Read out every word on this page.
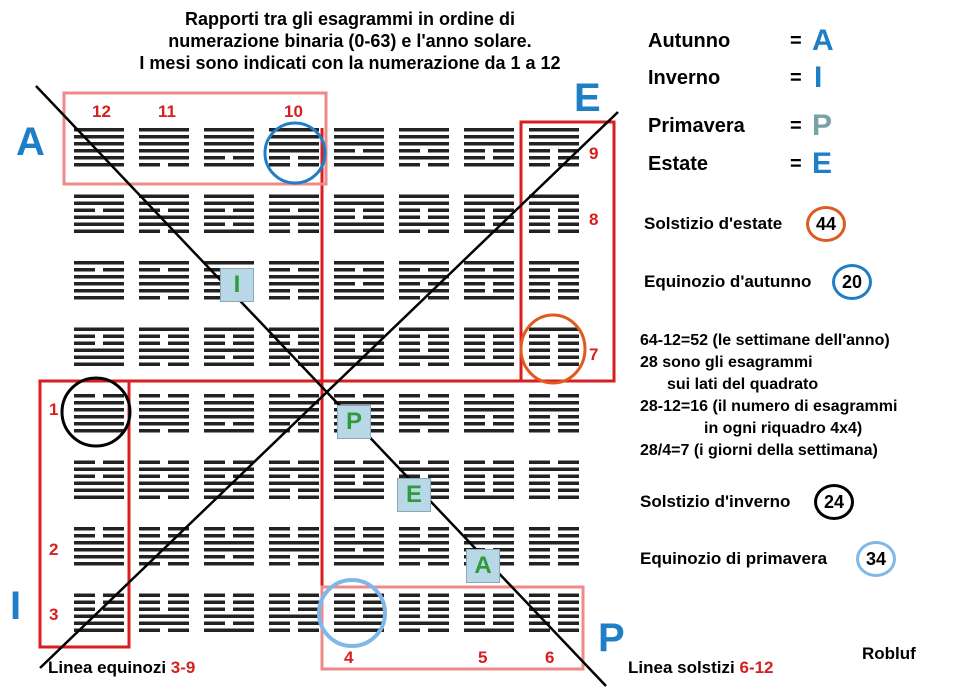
Rapporti tra gli esagrammi in ordine di
numerazione binaria (0-63) e l'anno solare.
I mesi sono indicati con la numerazione da 1 a 12
A
E
I
P
12	11	10
9
8
7
1
2
3
4	5	6
I
P
E
A
Autunno	= A
Inverno	= I
Primavera = P
Estate	= E
Solstizio d'estate	44
Equinozio d'autunno	20
64-12=52 (le settimane dell'anno)
28 sono gli esagrammi
sui lati del quadrato
28-12=16 (il numero di esagrammi
in ogni riquadro 4x4)
28/4=7 (i giorni della settimana)
Solstizio d'inverno	24
Equinozio di primavera	34
Linea equinozi 3-9	Linea solstizi 6-12
Robluf
